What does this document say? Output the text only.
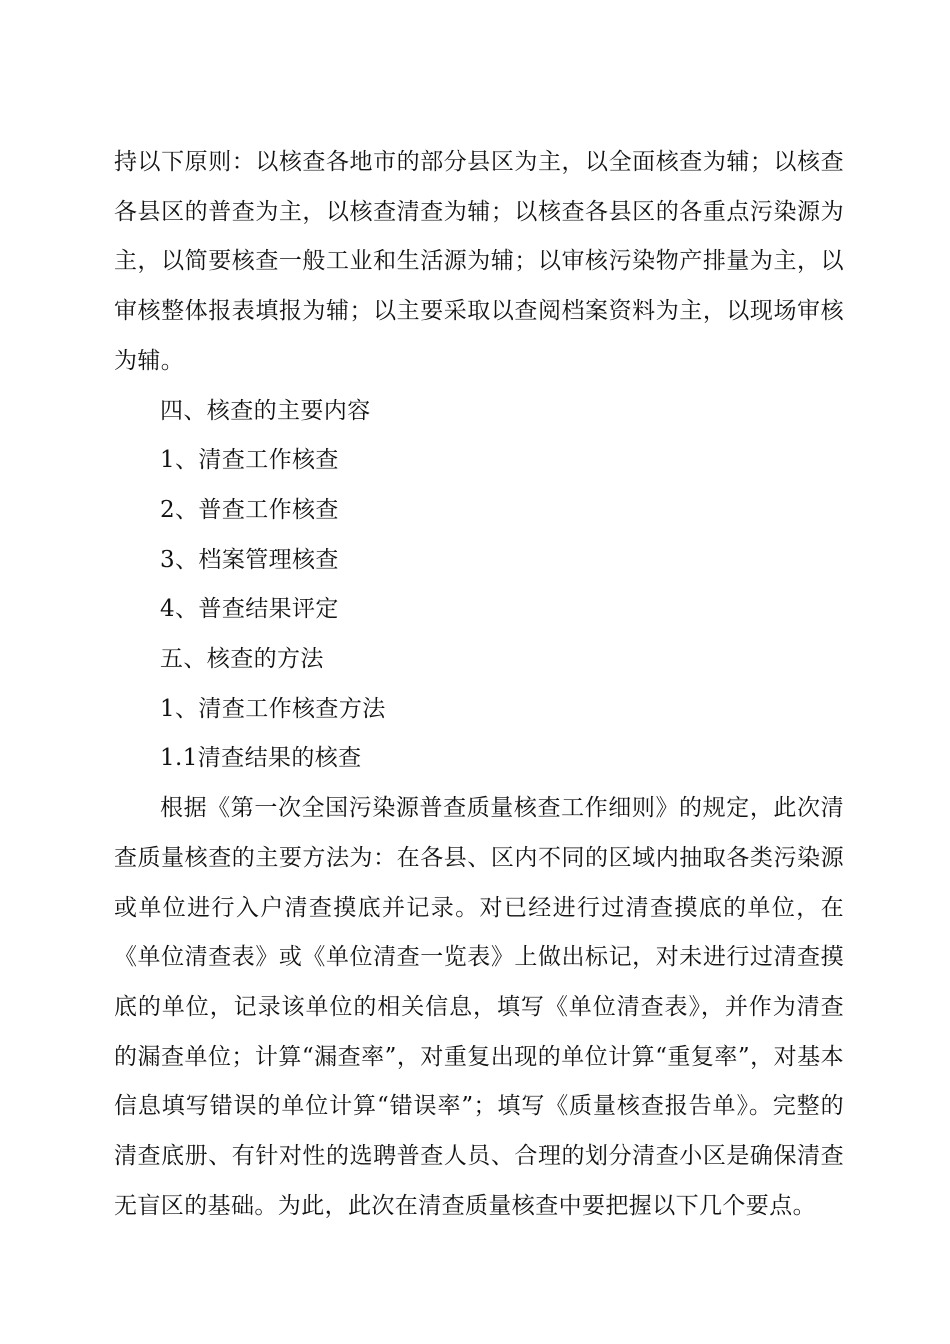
持以下原则：以核查各地市的部分县区为主，以全面核查为辅；以核查各县区的普查为主，以核查清查为辅；以核查各县区的各重点污染源为主，以简要核查一般工业和生活源为辅；以审核污染物产排量为主，以审核整体报表填报为辅；以主要采取以查阅档案资料为主，以现场审核为辅。

四、核查的主要内容

1、清查工作核查

2、普查工作核查

3、档案管理核查

4、普查结果评定

五、核查的方法

1、清查工作核查方法

1.1清查结果的核查

根据《第一次全国污染源普查质量核查工作细则》的规定，此次清查质量核查的主要方法为：在各县、区内不同的区域内抽取各类污染源或单位进行入户清查摸底并记录。对已经进行过清查摸底的单位，在《单位清查表》或《单位清查一览表》上做出标记，对未进行过清查摸底的单位，记录该单位的相关信息，填写《单位清查表》，并作为清查的漏查单位；计算“漏查率”，对重复出现的单位计算“重复率”，对基本信息填写错误的单位计算“错误率”；填写《质量核查报告单》。完整的清查底册、有针对性的选聘普查人员、合理的划分清查小区是确保清查无盲区的基础。为此，此次在清查质量核查中要把握以下几个要点。
